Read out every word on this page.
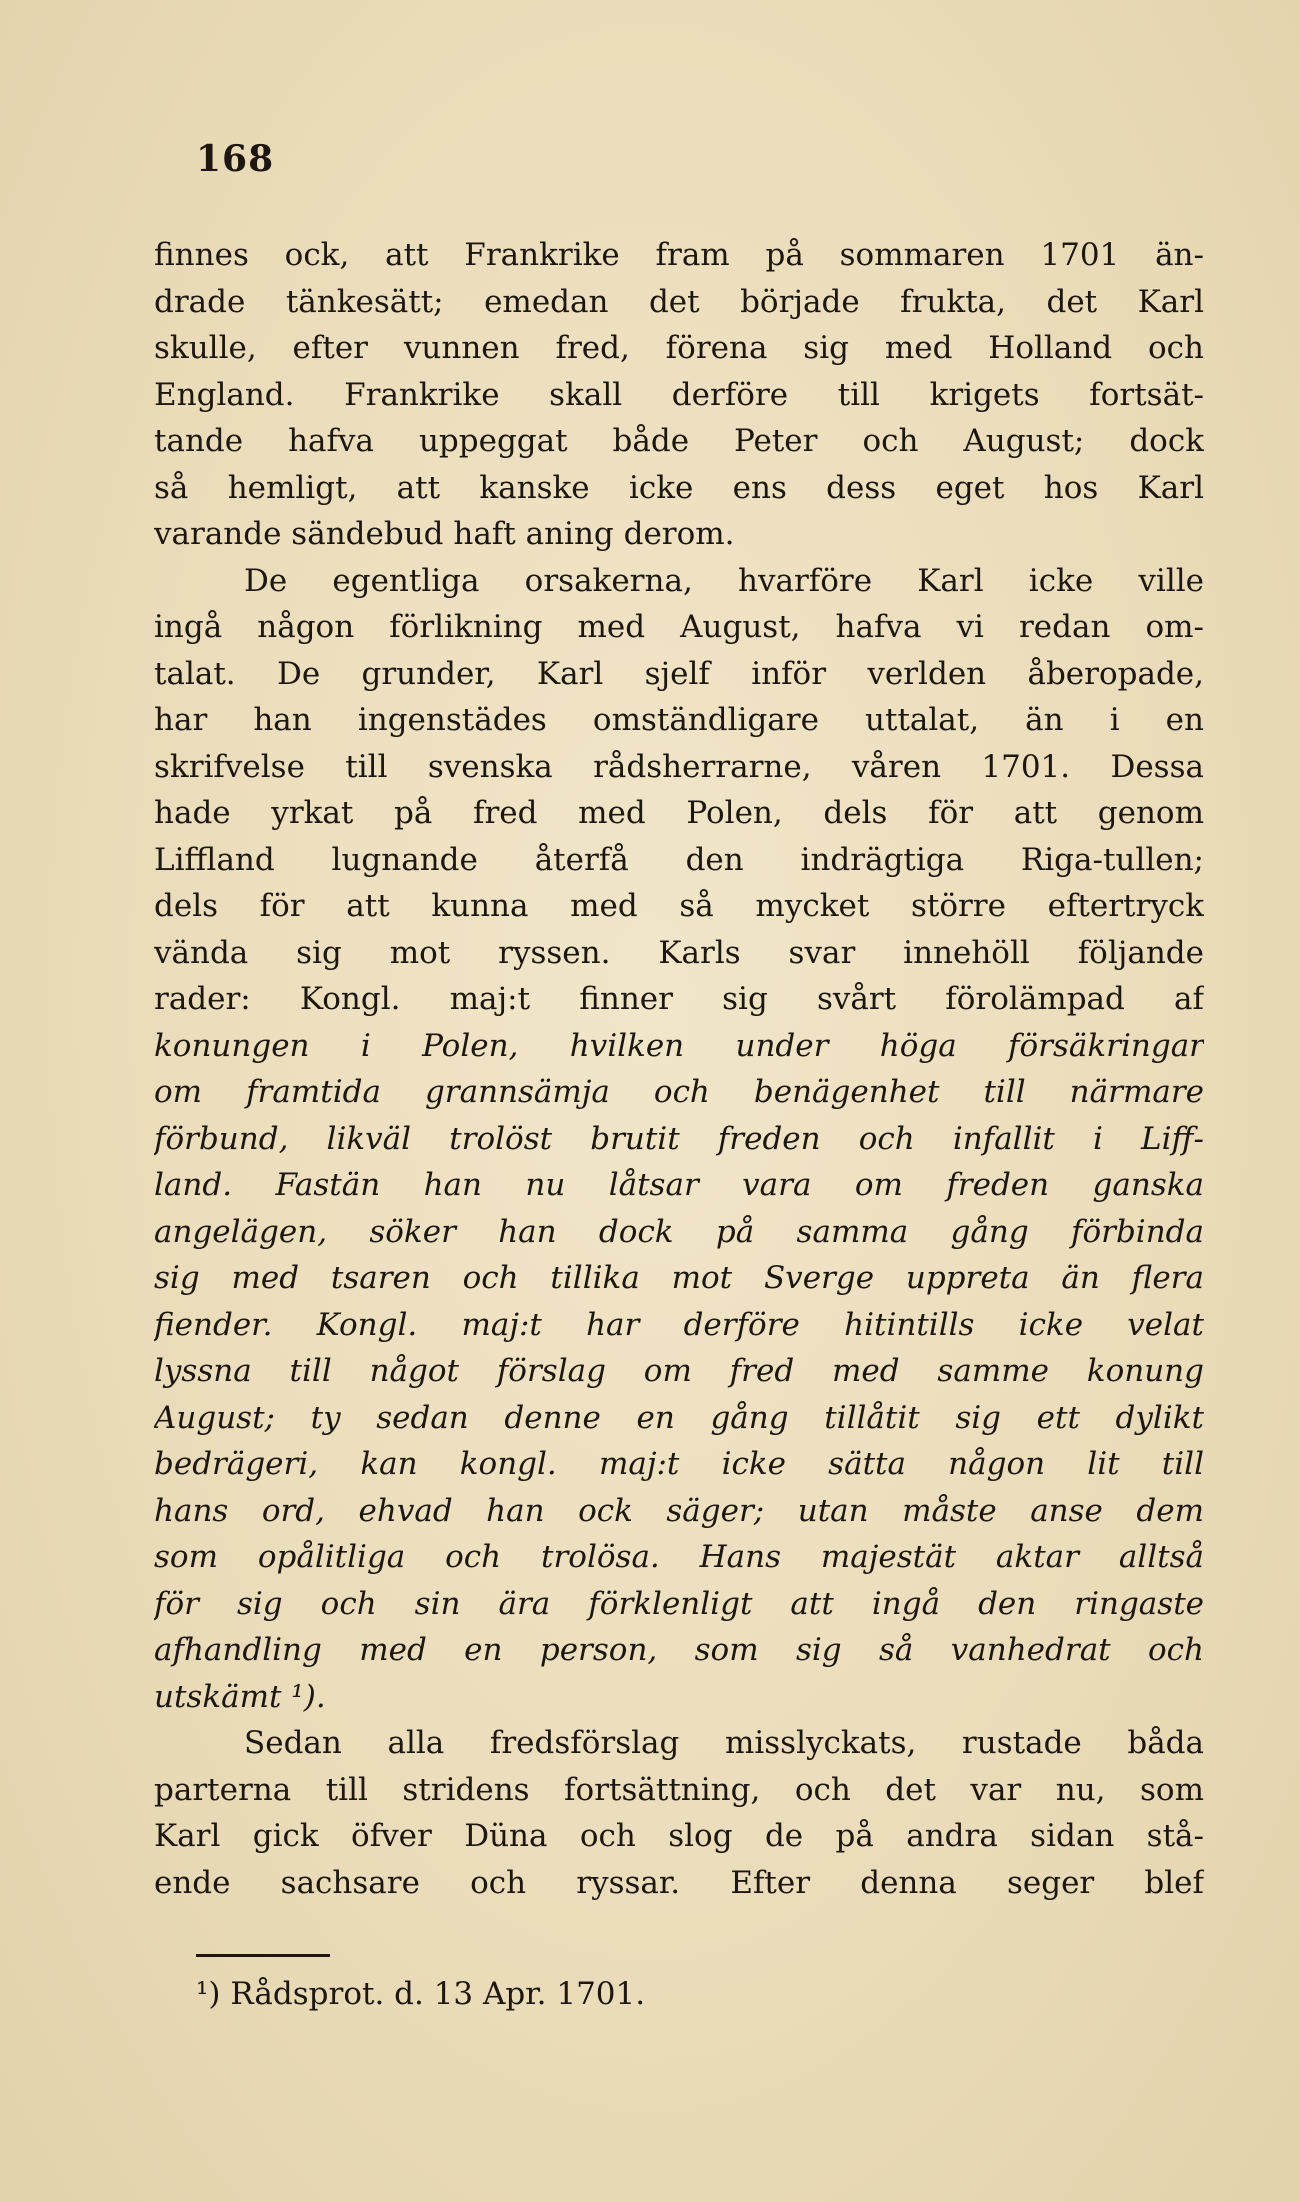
168
finnes ock, att Frankrike fram på sommaren 1701 än-
drade tänkesätt; emedan det började frukta, det Karl
skulle, efter vunnen fred, förena sig med Holland och
England. Frankrike skall derföre till krigets fortsät-
tande hafva uppeggat både Peter och August; dock
så hemligt, att kanske icke ens dess eget hos Karl
varande sändebud haft aning derom.
De egentliga orsakerna, hvarföre Karl icke ville
ingå någon förlikning med August, hafva vi redan om-
talat. De grunder, Karl sjelf inför verlden åberopade,
har han ingenstädes omständligare uttalat, än i en
skrifvelse till svenska rådsherrarne, våren 1701. Dessa
hade yrkat på fred med Polen, dels för att genom
Liffland lugnande återfå den indrägtiga Riga-tullen;
dels för att kunna med så mycket större eftertryck
vända sig mot ryssen. Karls svar innehöll följande
rader: Kongl. maj:t finner sig svårt förolämpad af
konungen i Polen, hvilken under höga försäkringar
om framtida grannsämja och benägenhet till närmare
förbund, likväl trolöst brutit freden och infallit i Liff-
land. Fastän han nu låtsar vara om freden ganska
angelägen, söker han dock på samma gång förbinda
sig med tsaren och tillika mot Sverge uppreta än flera
fiender. Kongl. maj:t har derföre hitintills icke velat
lyssna till något förslag om fred med samme konung
August; ty sedan denne en gång tillåtit sig ett dylikt
bedrägeri, kan kongl. maj:t icke sätta någon lit till
hans ord, ehvad han ock säger; utan måste anse dem
som opålitliga och trolösa. Hans majestät aktar alltså
för sig och sin ära förklenligt att ingå den ringaste
afhandling med en person, som sig så vanhedrat och
utskämt ¹).
Sedan alla fredsförslag misslyckats, rustade båda
parterna till stridens fortsättning, och det var nu, som
Karl gick öfver Düna och slog de på andra sidan stå-
ende sachsare och ryssar. Efter denna seger blef
¹) Rådsprot. d. 13 Apr. 1701.
